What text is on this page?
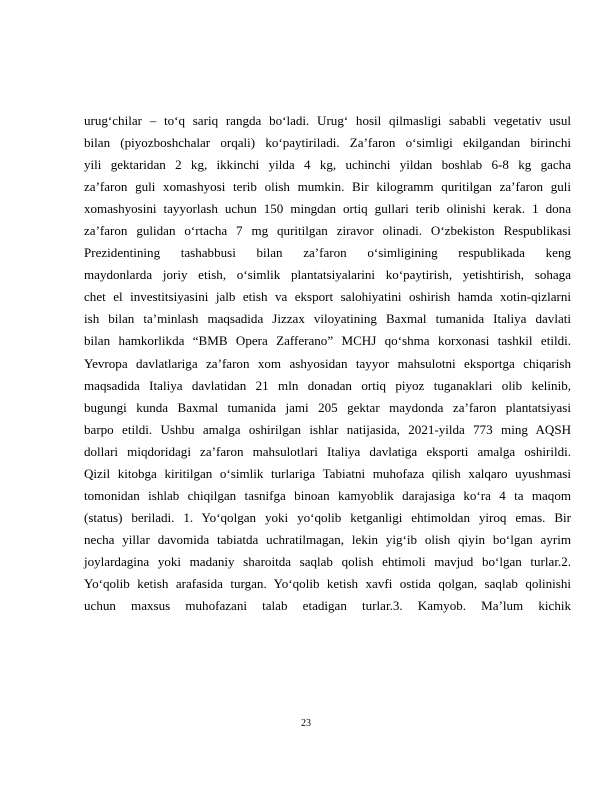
urug‘chilar – to‘q sariq rangda bo‘ladi. Urug‘ hosil qilmasligi sababli vegetativ usul
bilan (piyozboshchalar orqali) ko‘paytiriladi. Za’faron o‘simligi ekilgandan birinchi
yili gektaridan 2 kg, ikkinchi yilda 4 kg, uchinchi yildan boshlab 6-8 kg gacha
za’faron guli xomashyosi terib olish mumkin. Bir kilogramm quritilgan za’faron guli
xomashyosini tayyorlash uchun 150 mingdan ortiq gullari terib olinishi kerak. 1 dona
za’faron gulidan o‘rtacha 7 mg quritilgan ziravor olinadi. O‘zbekiston Respublikasi
Prezidentining tashabbusi bilan za’faron o‘simligining respublikada keng
maydonlarda joriy etish, o‘simlik plantatsiyalarini ko‘paytirish, yetishtirish, sohaga
chet el investitsiyasini jalb etish va eksport salohiyatini oshirish hamda xotin-qizlarni
ish bilan ta’minlash maqsadida Jizzax viloyatining Baxmal tumanida Italiya davlati
bilan hamkorlikda “BMB Opera Zafferano” MCHJ qo‘shma korxonasi tashkil etildi.
Yevropa davlatlariga za’faron xom ashyosidan tayyor mahsulotni eksportga chiqarish
maqsadida Italiya davlatidan 21 mln donadan ortiq piyoz tuganaklari olib kelinib,
bugungi kunda Baxmal tumanida jami 205 gektar maydonda za’faron plantatsiyasi
barpo etildi. Ushbu amalga oshirilgan ishlar natijasida, 2021-yilda 773 ming AQSH
dollari miqdoridagi za’faron mahsulotlari Italiya davlatiga eksporti amalga oshirildi.
Qizil kitobga kiritilgan o‘simlik turlariga Tabiatni muhofaza qilish xalqaro uyushmasi
tomonidan ishlab chiqilgan tasnifga binoan kamyoblik darajasiga ko‘ra 4 ta maqom
(status) beriladi. 1. Yo‘qolgan yoki yo‘qolib ketganligi ehtimoldan yiroq emas. Bir
necha yillar davomida tabiatda uchratilmagan, lekin yig‘ib olish qiyin bo‘lgan ayrim
joylardagina yoki madaniy sharoitda saqlab qolish ehtimoli mavjud bo‘lgan turlar.2.
Yo‘qolib ketish arafasida turgan. Yo‘qolib ketish xavfi ostida qolgan, saqlab qolinishi
uchun maxsus muhofazani talab etadigan turlar.3. Kamyob. Ma’lum kichik
23
